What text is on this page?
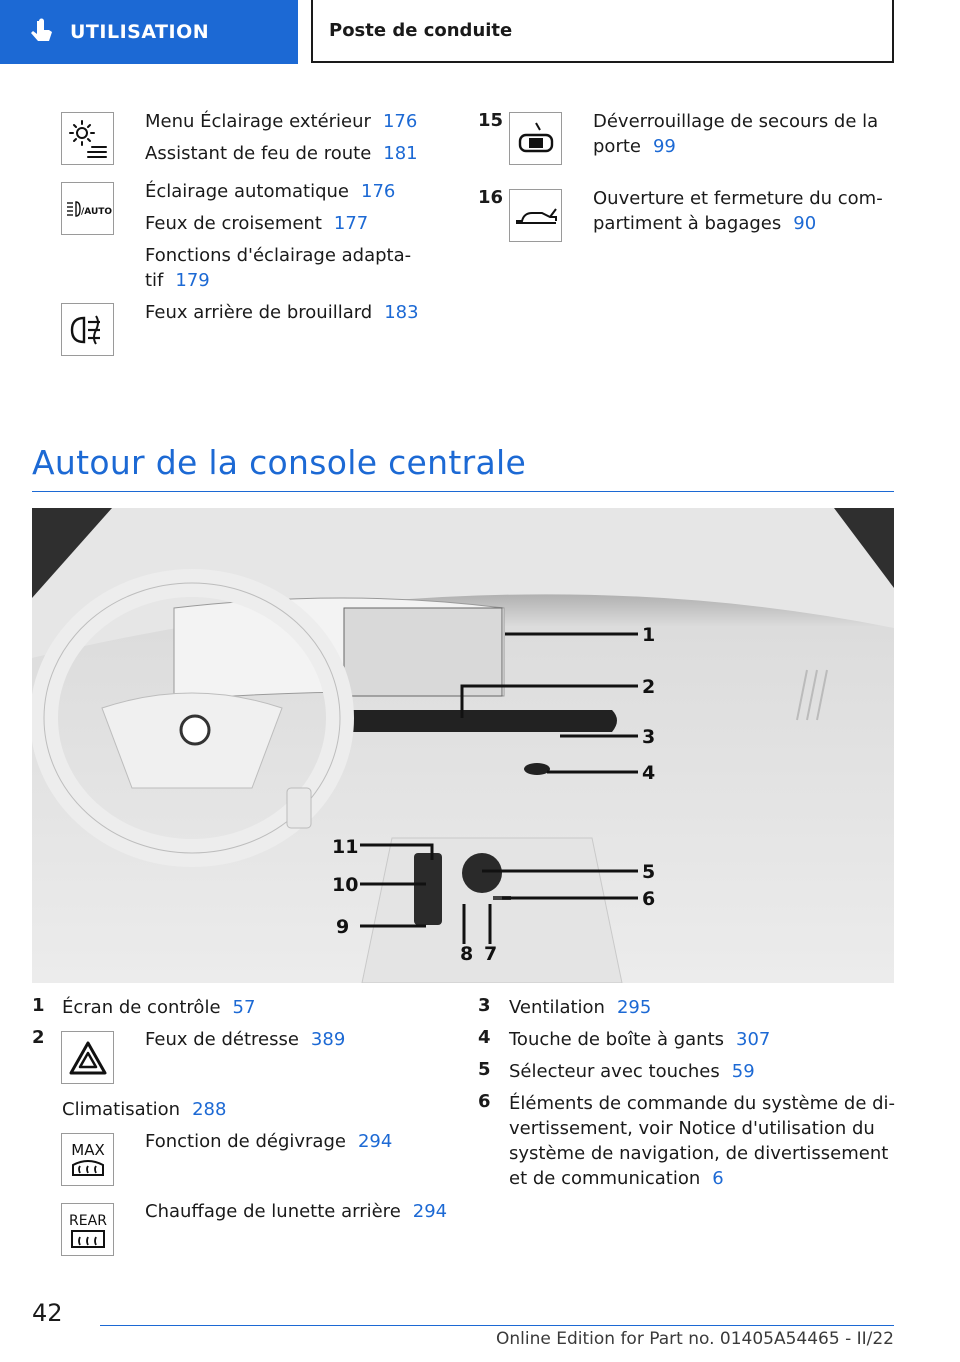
UTILISATION	Poste de conduite
Menu Éclairage extérieur 176
Assistant de feu de route 181
/AUTO
Éclairage automatique 176
Feux de croisement 177
Fonctions d'éclairage adapta-
tif 179
Feux arrière de brouillard 183
15	Déverrouillage de secours de la
porte 99
16	Ouverture et fermeture du com-
partiment à bagages 90
Autour de la console centrale
1
2
3
4
5
6
7
8
9
10
11
1 Écran de contrôle 57
2	Feux de détresse 389
Climatisation 288
MAX Fonction de dégivrage 294
REAR Chauffage de lunette arrière 294
3 Ventilation 295
4 Touche de boîte à gants 307
5 Sélecteur avec touches 59
6 Éléments de commande du système de di-
vertissement, voir Notice d'utilisation du
système de navigation, de divertissement
et de communication 6
42
Online Edition for Part no. 01405A54465 - II/22
